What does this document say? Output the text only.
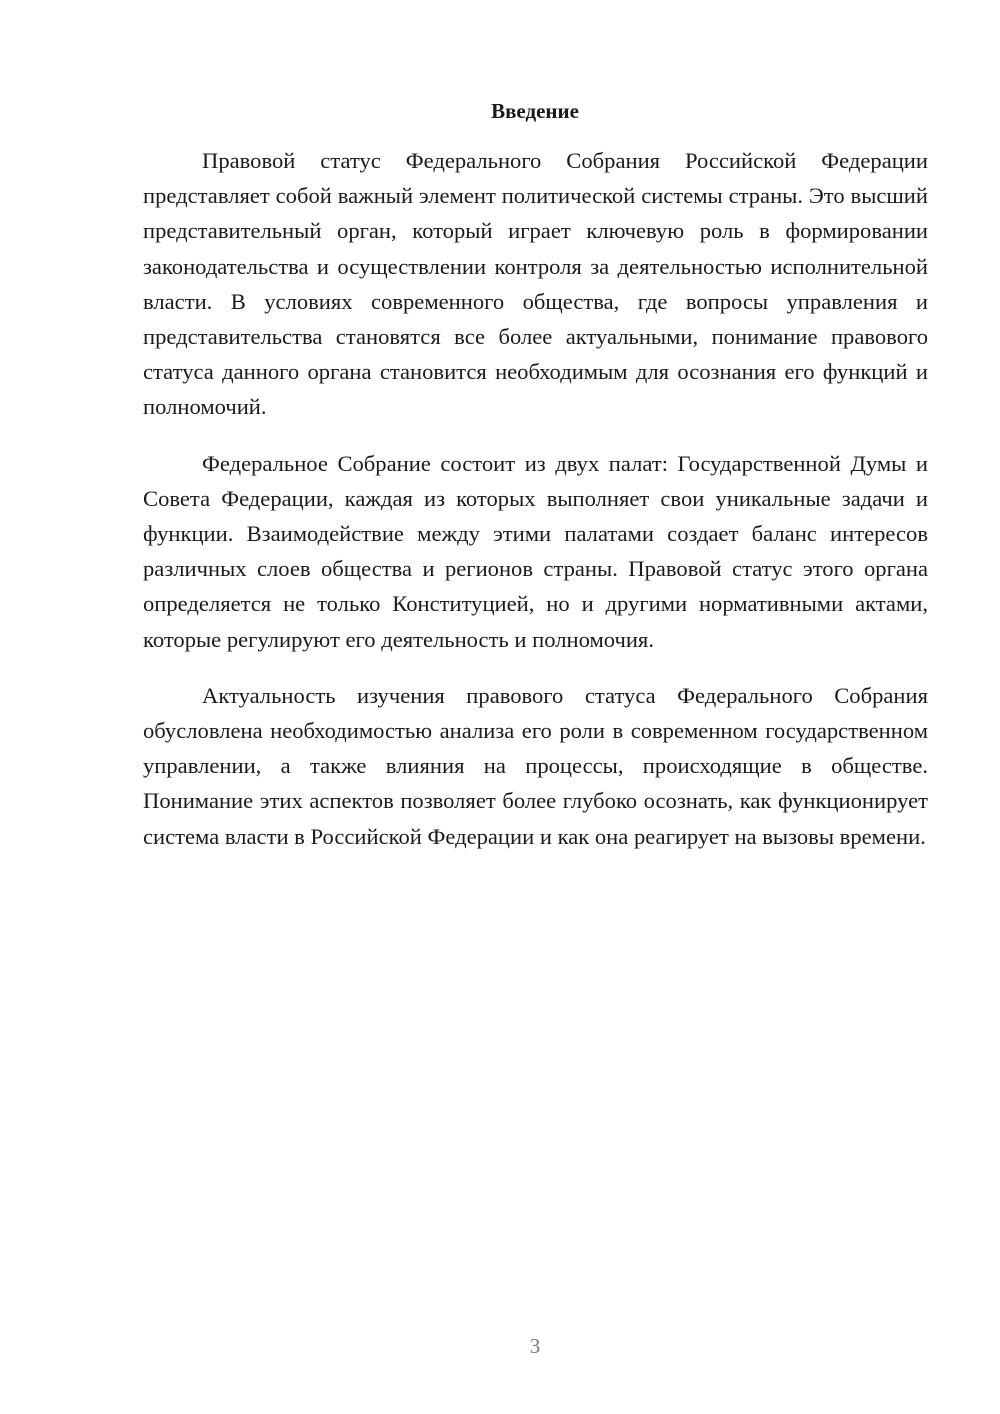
Введение

Правовой статус Федерального Собрания Российской Федерации представляет собой важный элемент политической системы страны. Это высший представительный орган, который играет ключевую роль в формировании законодательства и осуществлении контроля за деятельностью исполнительной власти. В условиях современного общества, где вопросы управления и представительства становятся все более актуальными, понимание правового статуса данного органа становится необходимым для осознания его функций и полномочий.

Федеральное Собрание состоит из двух палат: Государственной Думы и Совета Федерации, каждая из которых выполняет свои уникальные задачи и функции. Взаимодействие между этими палатами создает баланс интересов различных слоев общества и регионов страны. Правовой статус этого органа определяется не только Конституцией, но и другими нормативными актами, которые регулируют его деятельность и полномочия.

Актуальность изучения правового статуса Федерального Собрания обусловлена необходимостью анализа его роли в современном государственном управлении, а также влияния на процессы, происходящие в обществе. Понимание этих аспектов позволяет более глубоко осознать, как функционирует система власти в Российской Федерации и как она реагирует на вызовы времени.

3
